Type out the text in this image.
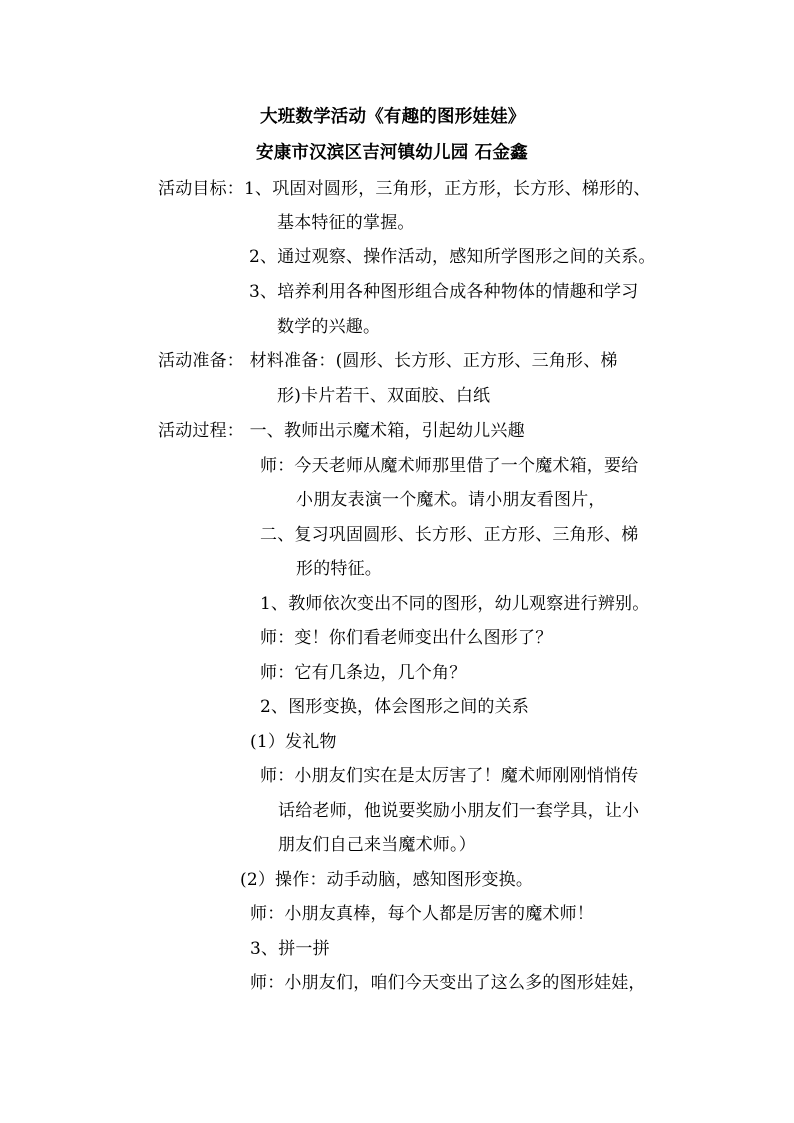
大班数学活动《有趣的图形娃娃》
安康市汉滨区吉河镇幼儿园 石金鑫
活动目标：1、巩固对圆形，三角形，正方形，长方形、梯形的、
基本特征的掌握。
2、通过观察、操作活动，感知所学图形之间的关系。
3、培养利用各种图形组合成各种物体的情趣和学习
数学的兴趣。
活动准备： 材料准备：(圆形、长方形、正方形、三角形、梯
形)卡片若干、双面胶、白纸
活动过程： 一、教师出示魔术箱，引起幼儿兴趣
师：今天老师从魔术师那里借了一个魔术箱，要给
小朋友表演一个魔术。请小朋友看图片，
二、复习巩固圆形、长方形、正方形、三角形、梯
形的特征。
1、教师依次变出不同的图形，幼儿观察进行辨别。
师：变！你们看老师变出什么图形了？
师：它有几条边，几个角？
2、图形变换，体会图形之间的关系
(1）发礼物
师：小朋友们实在是太厉害了！魔术师刚刚悄悄传
话给老师，他说要奖励小朋友们一套学具，让小
朋友们自己来当魔术师。）
(2）操作：动手动脑，感知图形变换。
师：小朋友真棒，每个人都是厉害的魔术师！
3、拼一拼
师：小朋友们，咱们今天变出了这么多的图形娃娃，
